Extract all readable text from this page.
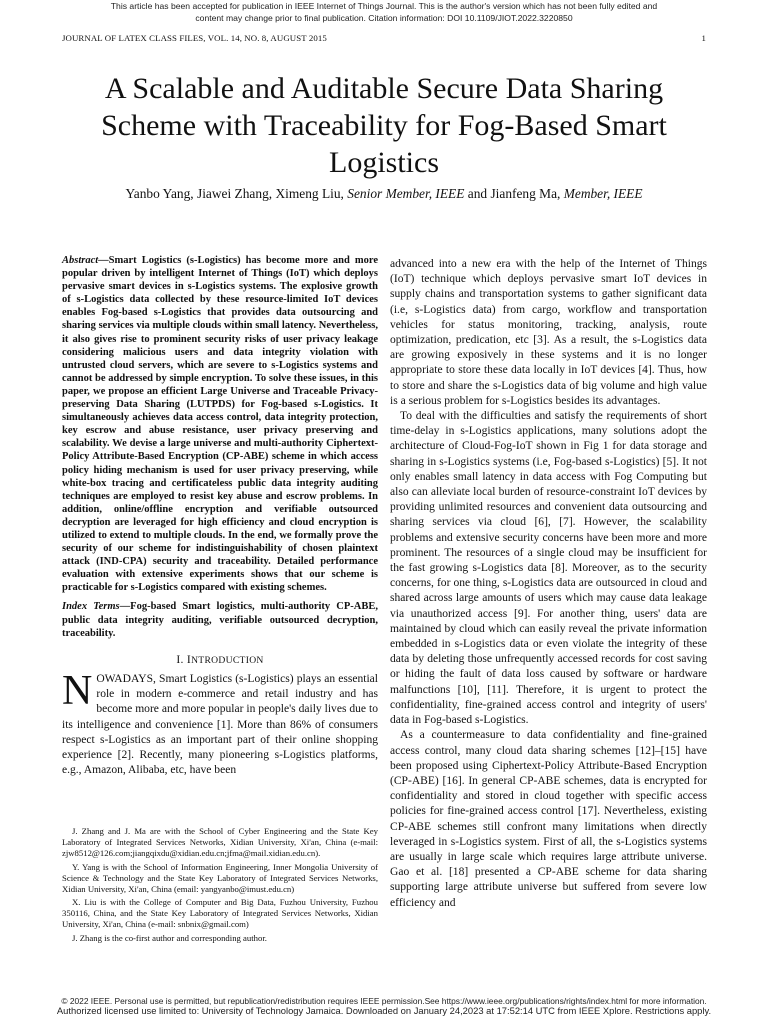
This article has been accepted for publication in IEEE Internet of Things Journal. This is the author's version which has not been fully edited and
content may change prior to final publication. Citation information: DOI 10.1109/JIOT.2022.3220850
JOURNAL OF LATEX CLASS FILES, VOL. 14, NO. 8, AUGUST 2015	1
A Scalable and Auditable Secure Data Sharing Scheme with Traceability for Fog-Based Smart Logistics
Yanbo Yang, Jiawei Zhang, Ximeng Liu, Senior Member, IEEE and Jianfeng Ma, Member, IEEE

Abstract—Smart Logistics (s-Logistics) has become more and more popular driven by intelligent Internet of Things (IoT) which deploys pervasive smart devices in s-Logistics systems. The explosive growth of s-Logistics data collected by these resource-limited IoT devices enables Fog-based s-Logistics that provides data outsourcing and sharing services via multiple clouds within small latency. Nevertheless, it also gives rise to prominent security risks of user privacy leakage considering malicious users and data integrity violation with untrusted cloud servers, which are severe to s-Logistics systems and cannot be addressed by simple encryption. To solve these issues, in this paper, we propose an efficient Large Universe and Traceable Privacy-preserving Data Sharing (LUTPDS) for Fog-based s-Logistics. It simultaneously achieves data access control, data integrity protection, key escrow and abuse resistance, user privacy preserving and scalability. We devise a large universe and multi-authority Ciphertext-Policy Attribute-Based Encryption (CP-ABE) scheme in which access policy hiding mechanism is used for user privacy preserving, while white-box tracing and certificateless public data integrity auditing techniques are employed to resist key abuse and escrow problems. In addition, online/offline encryption and verifiable outsourced decryption are leveraged for high efficiency and cloud encryption is utilized to extend to multiple clouds. In the end, we formally prove the security of our scheme for indistinguishability of chosen plaintext attack (IND-CPA) security and traceability. Detailed performance evaluation with extensive experiments shows that our scheme is practicable for s-Logistics compared with existing schemes.

Index Terms—Fog-based Smart logistics, multi-authority CP-ABE, public data integrity auditing, verifiable outsourced decryption, traceability.

I. INTRODUCTION

NOWADAYS, Smart Logistics (s-Logistics) plays an essential role in modern e-commerce and retail industry and has become more and more popular in people's daily lives due to its intelligence and convenience [1]. More than 86% of consumers respect s-Logistics as an important part of their online shopping experience [2]. Recently, many pioneering s-Logistics platforms, e.g., Amazon, Alibaba, etc, have been

J. Zhang and J. Ma are with the School of Cyber Engineering and the State Key Laboratory of Integrated Services Networks, Xidian University, Xi'an, China (e-mail: zjw8512@126.com;jiangqixdu@xidian.edu.cn;jfma@mail.xidian.edu.cn).

Y. Yang is with the School of Information Engineering, Inner Mongolia University of Science & Technology and the State Key Laboratory of Integrated Services Networks, Xidian University, Xi'an, China (email: yangyanbo@imust.edu.cn)

X. Liu is with the College of Computer and Big Data, Fuzhou University, Fuzhou 350116, China, and the State Key Laboratory of Integrated Services Networks, Xidian University, Xi'an, China (e-mail: snbnix@gmail.com)

J. Zhang is the co-first author and corresponding author.

advanced into a new era with the help of the Internet of Things (IoT) technique which deploys pervasive smart IoT devices in supply chains and transportation systems to gather significant data (i.e, s-Logistics data) from cargo, workflow and transportation vehicles for status monitoring, tracking, analysis, route optimization, predication, etc [3]. As a result, the s-Logistics data are growing exposively in these systems and it is no longer appropriate to store these data locally in IoT devices [4]. Thus, how to store and share the s-Logistics data of big volume and high value is a serious problem for s-Logistics besides its advantages.

To deal with the difficulties and satisfy the requirements of short time-delay in s-Logistics applications, many solutions adopt the architecture of Cloud-Fog-IoT shown in Fig 1 for data storage and sharing in s-Logistics systems (i.e, Fog-based s-Logistics) [5]. It not only enables small latency in data access with Fog Computing but also can alleviate local burden of resource-constraint IoT devices by providing unlimited resources and convenient data outsourcing and sharing services via cloud [6], [7]. However, the scalability problems and extensive security concerns have been more and more prominent. The resources of a single cloud may be insufficient for the fast growing s-Logistics data [8]. Moreover, as to the security concerns, for one thing, s-Logistics data are outsourced in cloud and shared across large amounts of users which may cause data leakage via unauthorized access [9]. For another thing, users' data are maintained by cloud which can easily reveal the private information embedded in s-Logistics data or even violate the integrity of these data by deleting those unfrequently accessed records for cost saving or hiding the fault of data loss caused by software or hardware malfunctions [10], [11]. Therefore, it is urgent to protect the confidentiality, fine-grained access control and integrity of users' data in Fog-based s-Logistics.

As a countermeasure to data confidentiality and fine-grained access control, many cloud data sharing schemes [12]–[15] have been proposed using Ciphertext-Policy Attribute-Based Encryption (CP-ABE) [16]. In general CP-ABE schemes, data is encrypted for confidentiality and stored in cloud together with specific access policies for fine-grained access control [17]. Nevertheless, existing CP-ABE schemes still confront many limitations when directly leveraged in s-Logistics system. First of all, the s-Logistics systems are usually in large scale which requires large attribute universe. Gao et al. [18] presented a CP-ABE scheme for data sharing supporting large attribute universe but suffered from severe low efficiency and

© 2022 IEEE. Personal use is permitted, but republication/redistribution requires IEEE permission.See https://www.ieee.org/publications/rights/index.html for more information.
Authorized licensed use limited to: University of Technology Jamaica. Downloaded on January 24,2023 at 17:52:14 UTC from IEEE Xplore. Restrictions apply.
